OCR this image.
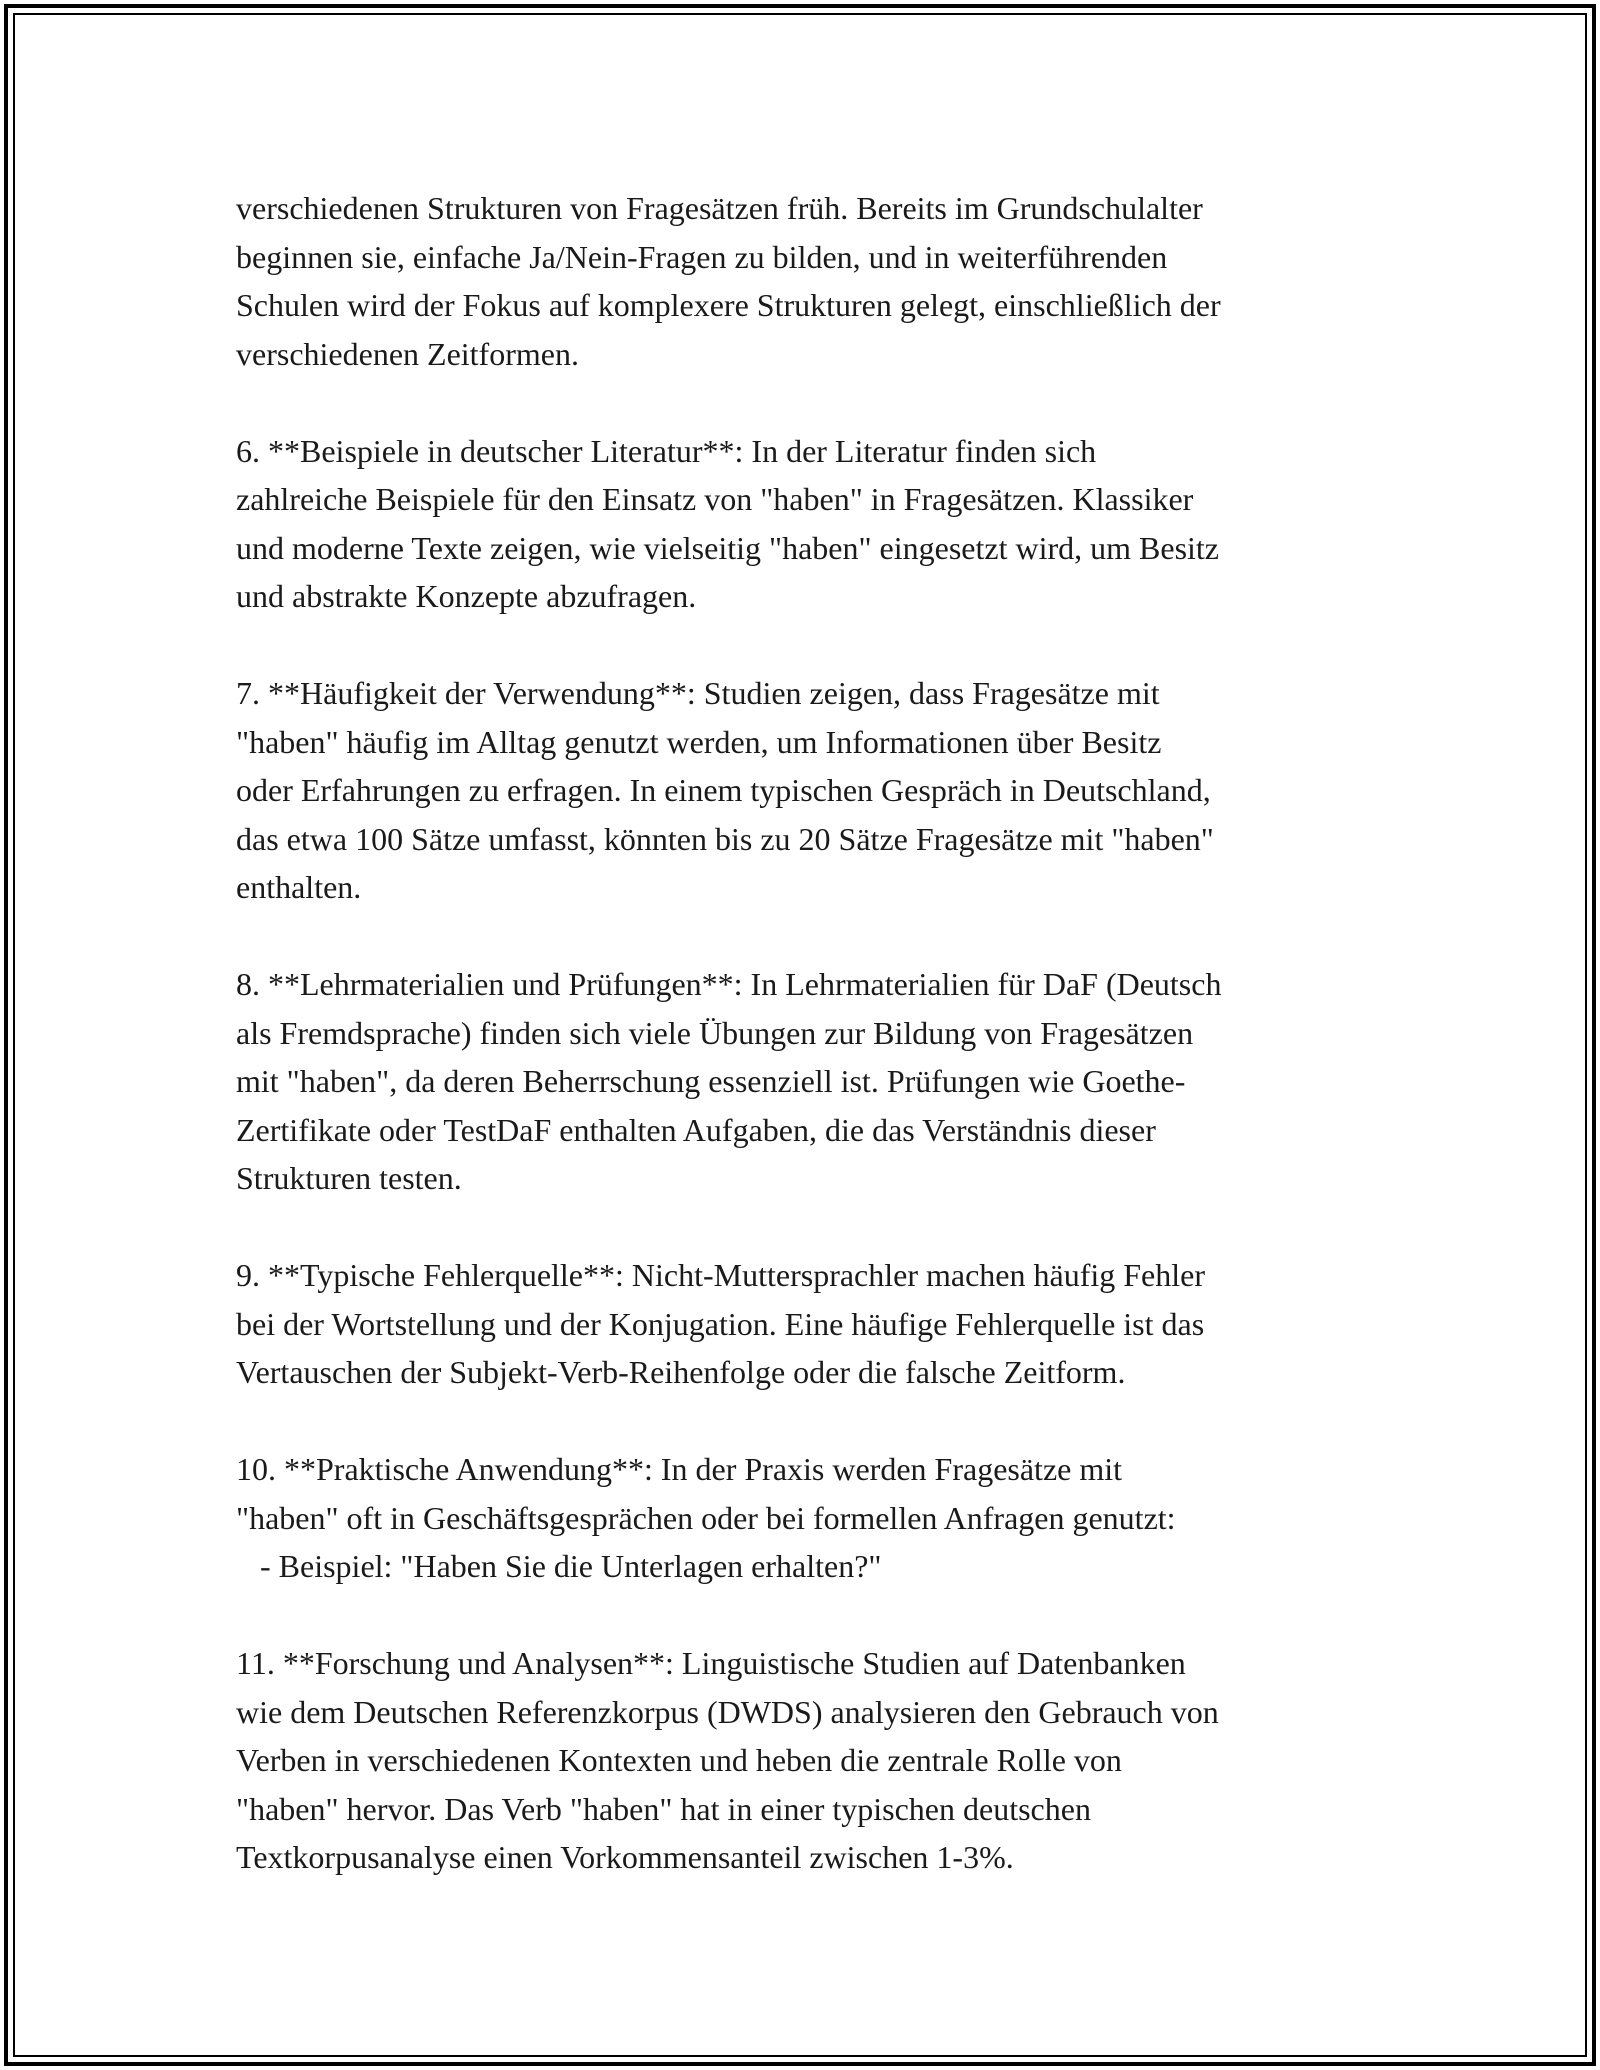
verschiedenen Strukturen von Fragesätzen früh. Bereits im Grundschulalter
beginnen sie, einfache Ja/Nein-Fragen zu bilden, und in weiterführenden
Schulen wird der Fokus auf komplexere Strukturen gelegt, einschließlich der
verschiedenen Zeitformen.
6. **Beispiele in deutscher Literatur**: In der Literatur finden sich
zahlreiche Beispiele für den Einsatz von "haben" in Fragesätzen. Klassiker
und moderne Texte zeigen, wie vielseitig "haben" eingesetzt wird, um Besitz
und abstrakte Konzepte abzufragen.
7. **Häufigkeit der Verwendung**: Studien zeigen, dass Fragesätze mit
"haben" häufig im Alltag genutzt werden, um Informationen über Besitz
oder Erfahrungen zu erfragen. In einem typischen Gespräch in Deutschland,
das etwa 100 Sätze umfasst, könnten bis zu 20 Sätze Fragesätze mit "haben"
enthalten.
8. **Lehrmaterialien und Prüfungen**: In Lehrmaterialien für DaF (Deutsch
als Fremdsprache) finden sich viele Übungen zur Bildung von Fragesätzen
mit "haben", da deren Beherrschung essenziell ist. Prüfungen wie Goethe-
Zertifikate oder TestDaF enthalten Aufgaben, die das Verständnis dieser
Strukturen testen.
9. **Typische Fehlerquelle**: Nicht-Muttersprachler machen häufig Fehler
bei der Wortstellung und der Konjugation. Eine häufige Fehlerquelle ist das
Vertauschen der Subjekt-Verb-Reihenfolge oder die falsche Zeitform.
10. **Praktische Anwendung**: In der Praxis werden Fragesätze mit
"haben" oft in Geschäftsgesprächen oder bei formellen Anfragen genutzt:
- Beispiel: "Haben Sie die Unterlagen erhalten?"
11. **Forschung und Analysen**: Linguistische Studien auf Datenbanken
wie dem Deutschen Referenzkorpus (DWDS) analysieren den Gebrauch von
Verben in verschiedenen Kontexten und heben die zentrale Rolle von
"haben" hervor. Das Verb "haben" hat in einer typischen deutschen
Textkorpusanalyse einen Vorkommensanteil zwischen 1-3%.
